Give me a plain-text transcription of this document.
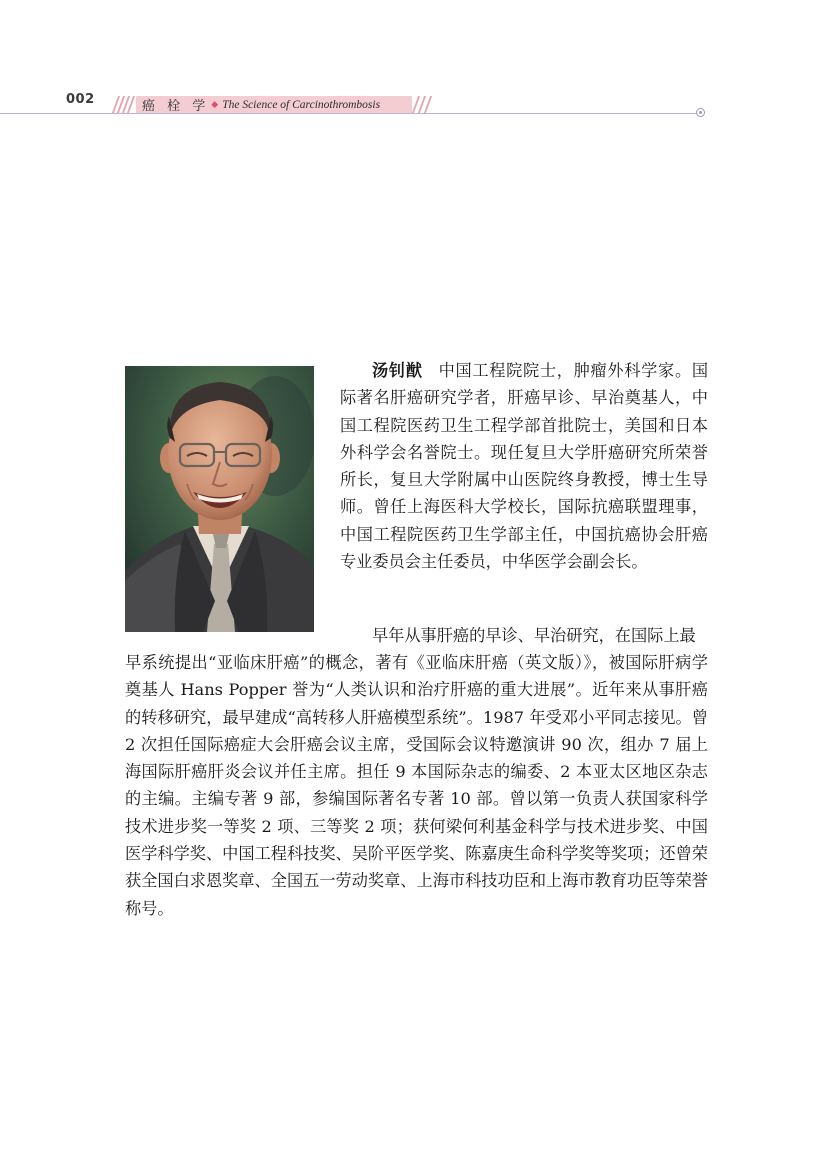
002	癌 栓 学 ◆ The Science of Carcinothrombosis
汤钊猷 中国工程院院士，肿瘤外科学家。国际著名肝癌研究学者，肝癌早诊、早治奠基人，中国工程院医药卫生工程学部首批院士，美国和日本外科学会名誉院士。现任复旦大学肝癌研究所荣誉所长，复旦大学附属中山医院终身教授，博士生导师。曾任上海医科大学校长，国际抗癌联盟理事，中国工程院医药卫生学部主任，中国抗癌协会肝癌专业委员会主任委员，中华医学会副会长。
早年从事肝癌的早诊、早治研究，在国际上最
早系统提出“亚临床肝癌”的概念，著有《亚临床肝癌（英文版）》，被国际肝病学奠基人 Hans Popper 誉为“人类认识和治疗肝癌的重大进展”。近年来从事肝癌的转移研究，最早建成“高转移人肝癌模型系统”。1987 年受邓小平同志接见。曾 2 次担任国际癌症大会肝癌会议主席，受国际会议特邀演讲 90 次，组办 7 届上海国际肝癌肝炎会议并任主席。担任 9 本国际杂志的编委、2 本亚太区地区杂志的主编。主编专著 9 部，参编国际著名专著 10 部。曾以第一负责人获国家科学技术进步奖一等奖 2 项、三等奖 2 项；获何梁何利基金科学与技术进步奖、中国医学科学奖、中国工程科技奖、吴阶平医学奖、陈嘉庚生命科学奖等奖项；还曾荣获全国白求恩奖章、全国五一劳动奖章、上海市科技功臣和上海市教育功臣等荣誉称号。
